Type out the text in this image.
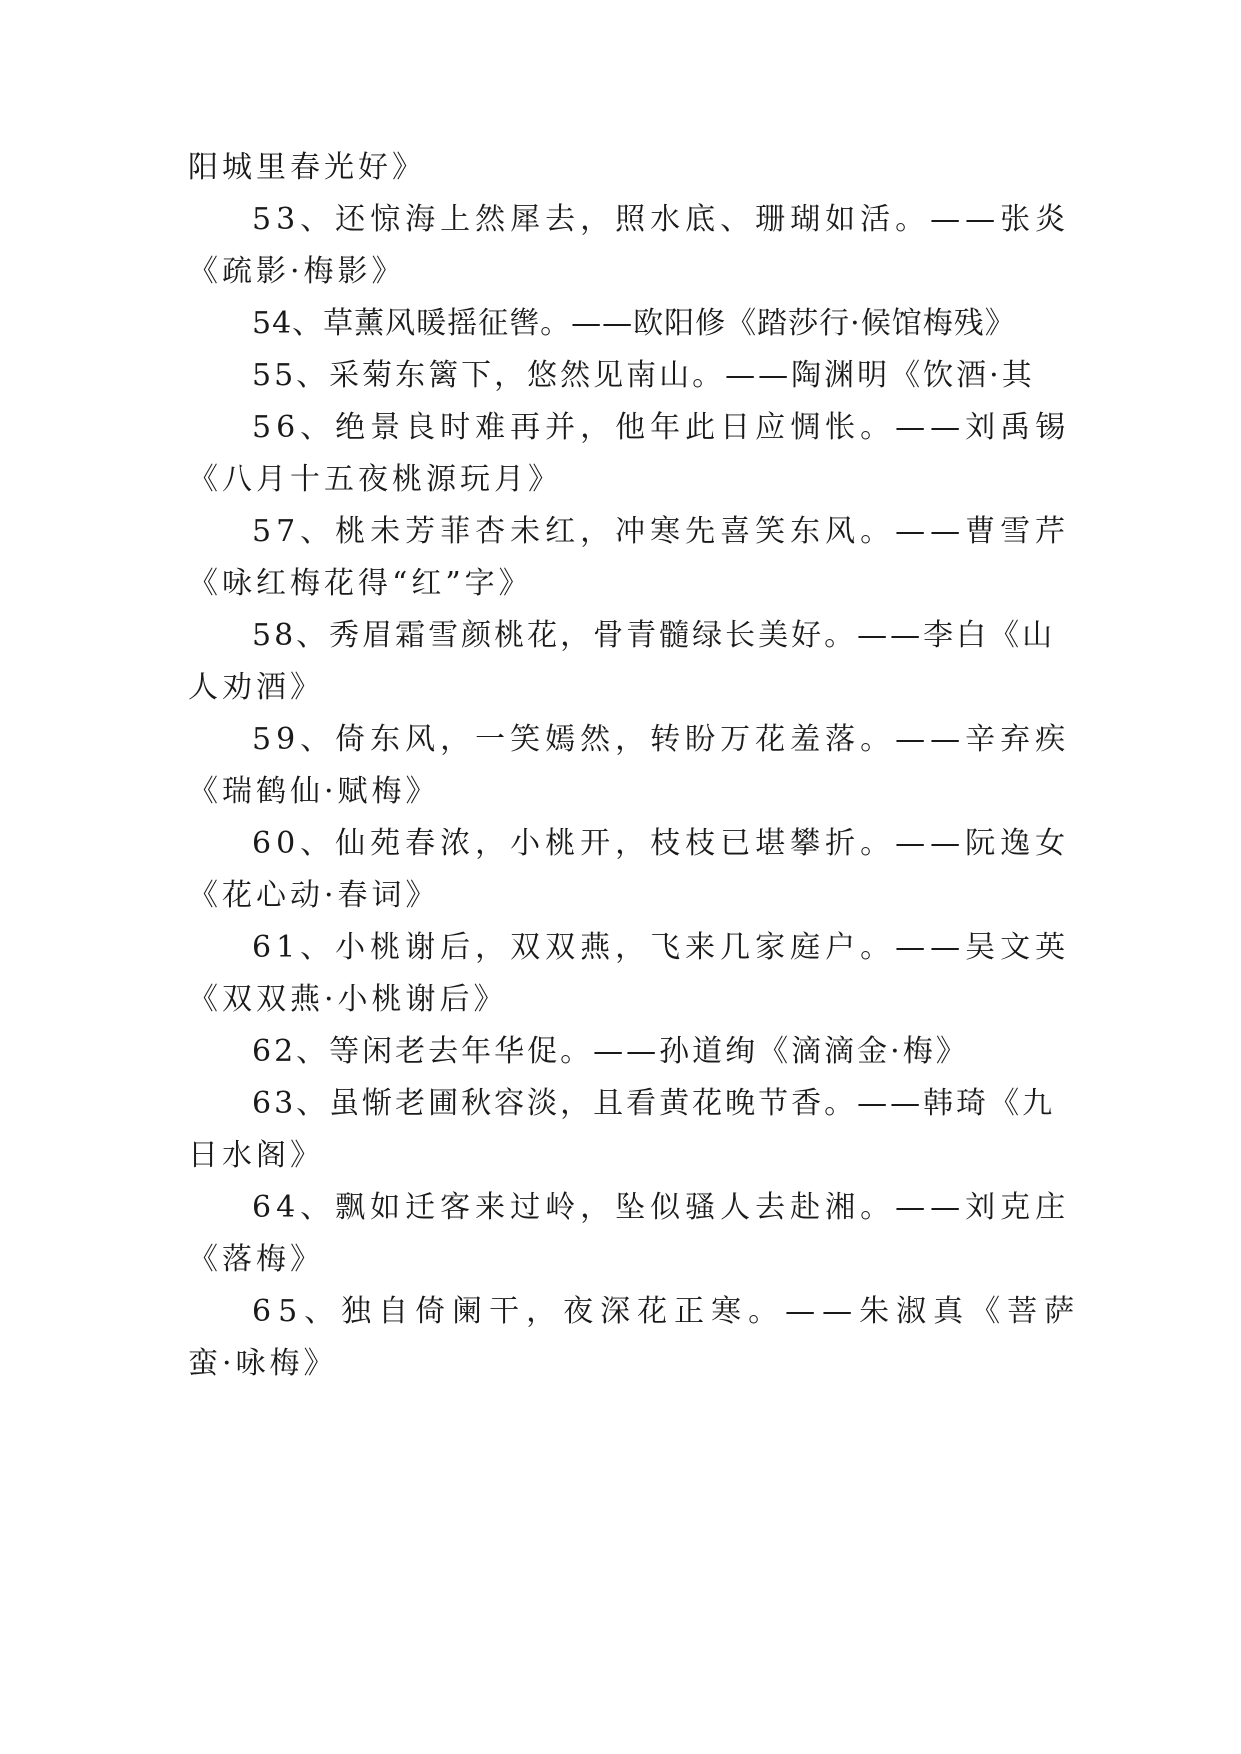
阳城里春光好》
53、还惊海上然犀去，照水底、珊瑚如活。——张炎
《疏影·梅影》
54、草薰风暖摇征辔。——欧阳修《踏莎行·候馆梅残》
55、采菊东篱下，悠然见南山。——陶渊明《饮酒·其
56、绝景良时难再并，他年此日应惆怅。——刘禹锡
《八月十五夜桃源玩月》
57、桃未芳菲杏未红，冲寒先喜笑东风。——曹雪芹
《咏红梅花得“红”字》
58、秀眉霜雪颜桃花，骨青髓绿长美好。——李白《山
人劝酒》
59、倚东风，一笑嫣然，转盼万花羞落。——辛弃疾
《瑞鹤仙·赋梅》
60、仙苑春浓，小桃开，枝枝已堪攀折。——阮逸女
《花心动·春词》
61、小桃谢后，双双燕，飞来几家庭户。——吴文英
《双双燕·小桃谢后》
62、等闲老去年华促。——孙道绚《滴滴金·梅》
63、虽惭老圃秋容淡，且看黄花晚节香。——韩琦《九
日水阁》
64、飘如迁客来过岭，坠似骚人去赴湘。——刘克庄
《落梅》
65、独自倚阑干，夜深花正寒。——朱淑真《菩萨
蛮·咏梅》
